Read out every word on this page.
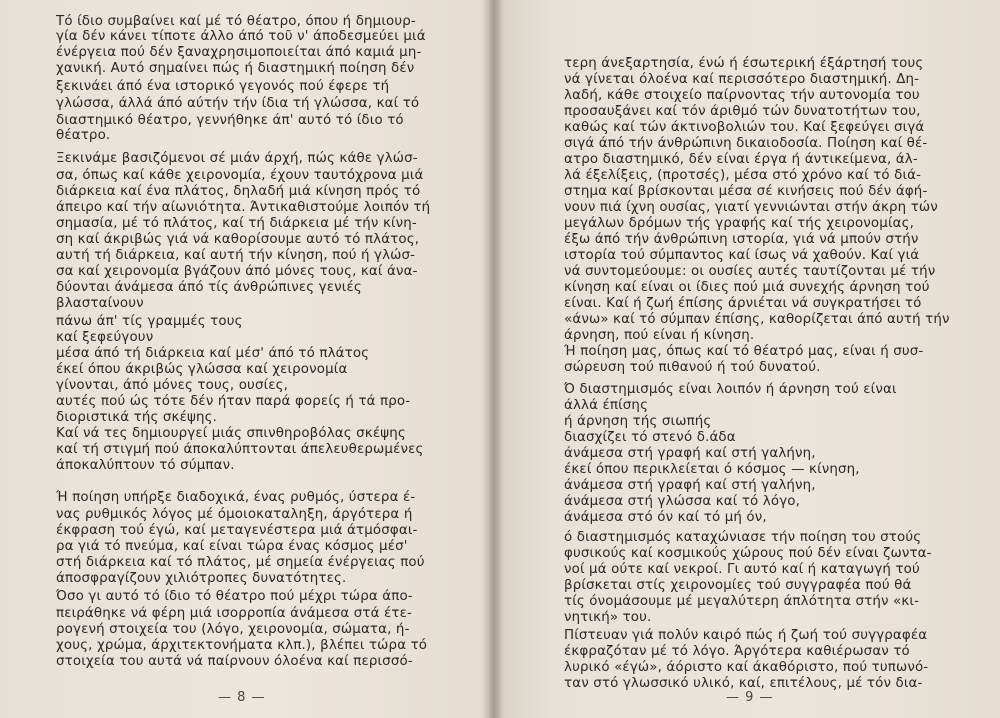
Τό ίδιο συμβαίνει καί μέ τό θέατρο, όπου ή δημιουρ-
γία δέν κάνει τίποτε άλλο άπό τοῦ ν' άποδεσμεύει μιά
ένέργεια πού δέν ξαναχρησιμοποιείται άπό καμιά μη-
χανική. Αυτό σημαίνει πώς ή διαστημική ποίηση δέν
ξεκινάει άπό ένα ιστορικό γεγονός πού έφερε τή
γλώσσα, άλλά άπό αύτήν τήν ίδια τή γλώσσα, καί τό
διαστημικό θέατρο, γεννήθηκε άπ' αυτό τό ίδιο τό
θέατρο.
Ξεκινάμε βασιζόμενοι σέ μιάν άρχή, πώς κάθε γλώσ-
σα, όπως καί κάθε χειρονομία, έχουν ταυτόχρονα μιά
διάρκεια καί ένα πλάτος, δηλαδή μιά κίνηση πρός τό
άπειρο καί τήν αίωνιότητα. Άντικαθιστούμε λοιπόν τή
σημασία, μέ τό πλάτος, καί τή διάρκεια μέ τήν κίνη-
ση καί άκριβώς γιά νά καθορίσουμε αυτό τό πλάτος,
αυτή τή διάρκεια, καί αυτή τήν κίνηση, πού ή γλώσ-
σα καί χειρονομία βγάζουν άπό μόνες τους, καί άνα-
δύονται άνάμεσα άπό τίς άνθρώπινες γενιές
βλασταίνουν
πάνω άπ' τίς γραμμές τους
καί ξεφεύγουν
μέσα άπό τή διάρκεια καί μέσ' άπό τό πλάτος
έκεί όπου άκριβώς γλώσσα καί χειρονομία
γίνονται, άπό μόνες τους, ουσίες,
αυτές πού ώς τότε δέν ήταν παρά φορείς ή τά προ-
διοριστικά τής σκέψης.
Καί νά τες δημιουργεί μιάς σπινθηροβόλας σκέψης
καί τή στιγμή πού άποκαλύπτονται άπελευθερωμένες
άποκαλύπτουν τό σύμπαν.
Ή ποίηση υπήρξε διαδοχικά, ένας ρυθμός, ύστερα έ-
νας ρυθμικός λόγος μέ όμοιοκαταληξη, άργότερα ή
έκφραση τού έγώ, καί μεταγενέστερα μιά άτμόσφαι-
ρα γιά τό πνεύμα, καί είναι τώρα ένας κόσμος μέσ'
στή διάρκεια καί τό πλάτος, μέ σημεία ένέργειας πού
άποσφραγίζουν χιλιότροπες δυνατότητες.
Όσο γι αυτό τό ίδιο τό θέατρο πού μέχρι τώρα άπο-
πειράθηκε νά φέρη μιά ισορροπία άνάμεσα στά έτε-
ρογενή στοιχεία του (λόγο, χειρονομία, σώματα, ή-
χους, χρώμα, άρχιτεκτονήματα κλπ.), βλέπει τώρα τό
στοιχεία του αυτά νά παίρνουν όλοένα καί περισσό-
— 8 —
τερη άνεξαρτησία, ένώ ή έσωτερική έξάρτησή τους
νά γίνεται όλοένα καί περισσότερο διαστημική. Δη-
λαδή, κάθε στοιχείο παίρνοντας τήν αυτονομία του
προσαυξάνει καί τόν άριθμό τών δυνατοτήτων του,
καθώς καί τών άκτινοβολιών του. Καί ξεφεύγει σιγά
σιγά άπό τήν άνθρώπινη δικαιοδοσία. Ποίηση καί θέ-
ατρο διαστημικό, δέν είναι έργα ή άντικείμενα, άλ-
λά έξελίξεις, (προτσές), μέσα στό χρόνο καί τό διά-
στημα καί βρίσκονται μέσα σέ κινήσεις πού δέν άφή-
νουν πιά ίχνη ουσίας, γιατί γεννιώνται στήν άκρη τών
μεγάλων δρόμων τής γραφής καί τής χειρονομίας,
έξω άπό τήν άνθρώπινη ιστορία, γιά νά μπούν στήν
ιστορία τού σύμπαντος καί ίσως νά χαθούν. Καί γιά
νά συντομεύουμε: οι ουσίες αυτές ταυτίζονται μέ τήν
κίνηση καί είναι οι ίδιες πού μιά συνεχής άρνηση τού
είναι. Καί ή ζωή έπίσης άρνιέται νά συγκρατήσει τό
«άνω» καί τό σύμπαν έπίσης, καθορίζεται άπό αυτή τήν
άρνηση, πού είναι ή κίνηση.
Ή ποίηση μας, όπως καί τό θέατρό μας, είναι ή συσ-
σώρευση τού πιθανού ή τού δυνατού.
Ό διαστημισμός είναι λοιπόν ή άρνηση τού είναι
άλλά έπίσης
ή άρνηση τής σιωπής
διασχίζει τό στενό δ.άδα
άνάμεσα στή γραφή καί στή γαλήνη,
έκεί όπου περικλείεται ό κόσμος — κίνηση,
άνάμεσα στή γραφή καί στή γαλήνη,
άνάμεσα στή γλώσσα καί τό λόγο,
άνάμεσα στό όν καί τό μή όν,
ό διαστημισμός καταχώνιασε τήν ποίηση του στούς
φυσικούς καί κοσμικούς χώρους πού δέν είναι ζωντα-
νοί μά ούτε καί νεκροί. Γι αυτό καί ή καταγωγή τού
βρίσκεται στίς χειρονομίες τού συγγραφέα πού θά
τίς όνομάσουμε μέ μεγαλύτερη άπλότητα στήν «κι-
νητική» του.
Πίστευαν γιά πολύν καιρό πώς ή ζωή τού συγγραφέα
έκφραζόταν μέ τό λόγο. Άργότερα καθιέρωσαν τό
λυρικό «έγώ», άόριστο καί άκαθόριστο, πού τυπωνό-
ταν στό γλωσσικό υλικό, καί, επιτέλους, μέ τόν δια-
— 9 —
